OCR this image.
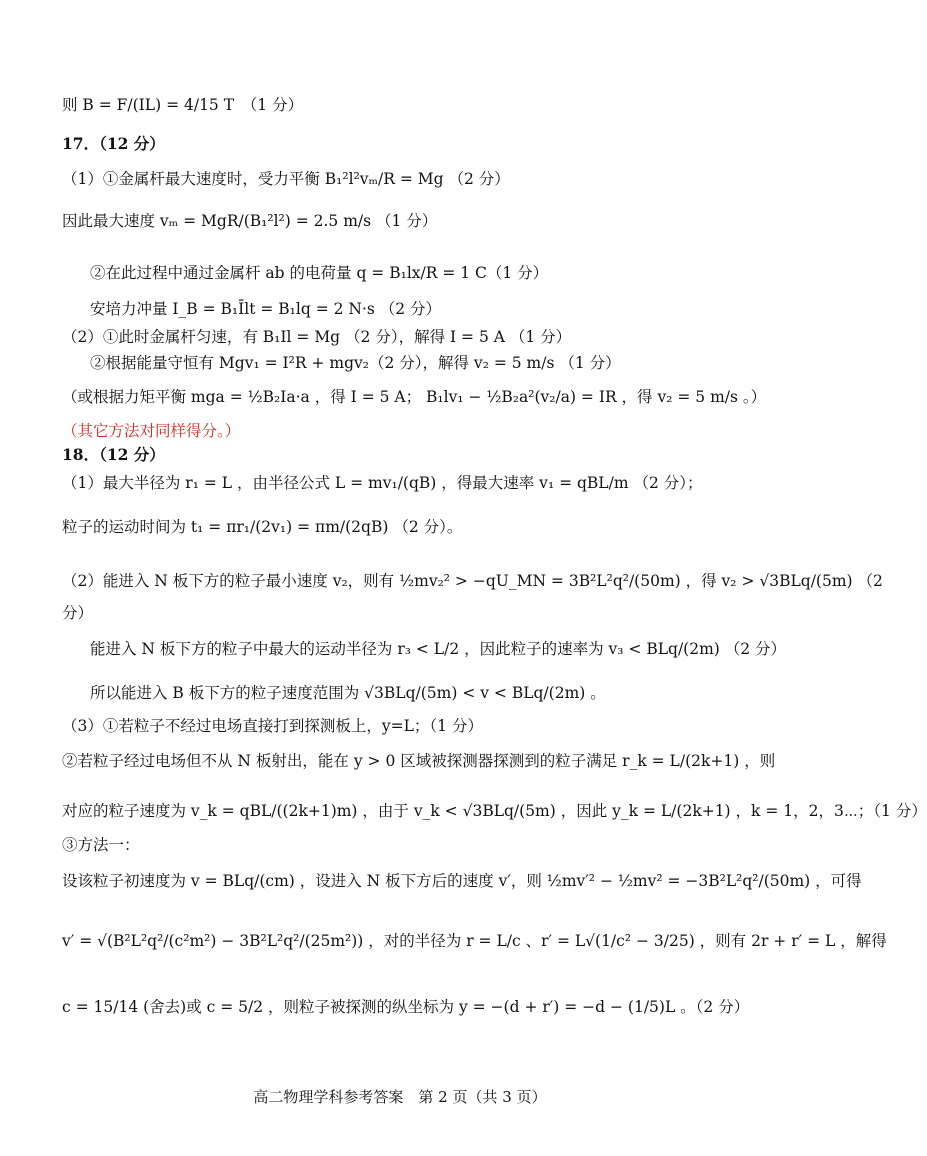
则 B = F/(IL) = 4/15 T　（1 分）
17．（12 分）
（1）①金属杆最大速度时，受力平衡 B₁²l²vₘ/R = Mg （2 分）
因此最大速度 vₘ = MgR/(B₁²l²) = 2.5 m/s （1 分）
②在此过程中通过金属杆 ab 的电荷量 q = B₁lx/R = 1 C（1 分）
安培力冲量 I_B = B₁Īlt = B₁lq = 2 N·s （2 分）
（2）①此时金属杆匀速，有 B₁Il = Mg （2 分），解得 I = 5 A （1 分）
②根据能量守恒有 Mgv₁ = I²R + mgv₂（2 分），解得 v₂ = 5 m/s （1 分）
（或根据力矩平衡 mga = ½B₂Ia·a ，得 I = 5 A； B₁lv₁ − ½B₂a²(v₂/a) = IR ，得 v₂ = 5 m/s 。）
（其它方法对同样得分。）
18．（12 分）
（1）最大半径为 r₁ = L ，由半径公式 L = mv₁/(qB) ，得最大速率 v₁ = qBL/m （2 分）；
粒子的运动时间为 t₁ = πr₁/(2v₁) = πm/(2qB) （2 分）。
（2）能进入 N 板下方的粒子最小速度 v₂，则有 ½mv₂² > −qU_MN = 3B²L²q²/(50m) ，得 v₂ > √3BLq/(5m) （2
分）
能进入 N 板下方的粒子中最大的运动半径为 r₃ < L/2 ，因此粒子的速率为 v₃ < BLq/(2m) （2 分）
所以能进入 B 板下方的粒子速度范围为 √3BLq/(5m) < v < BLq/(2m) 。
（3）①若粒子不经过电场直接打到探测板上，y=L；（1 分）
②若粒子经过电场但不从 N 板射出，能在 y > 0 区域被探测器探测到的粒子满足 r_k = L/(2k+1) ，则
对应的粒子速度为 v_k = qBL/((2k+1)m) ，由于 v_k < √3BLq/(5m) ，因此 y_k = L/(2k+1) ，k = 1，2，3⋯；（1 分）
③方法一：
设该粒子初速度为 v = BLq/(cm) ，设进入 N 板下方后的速度 v′，则 ½mv′² − ½mv² = −3B²L²q²/(50m) ，可得
v′ = √(B²L²q²/(c²m²) − 3B²L²q²/(25m²)) ，对的半径为 r = L/c 、r′ = L√(1/c² − 3/25) ，则有 2r + r′ = L ，解得
c = 15/14 (舍去)或 c = 5/2 ，则粒子被探测的纵坐标为 y = −(d + r′) = −d − (1/5)L 。（2 分）
高二物理学科参考答案　第 2 页（共 3 页）
